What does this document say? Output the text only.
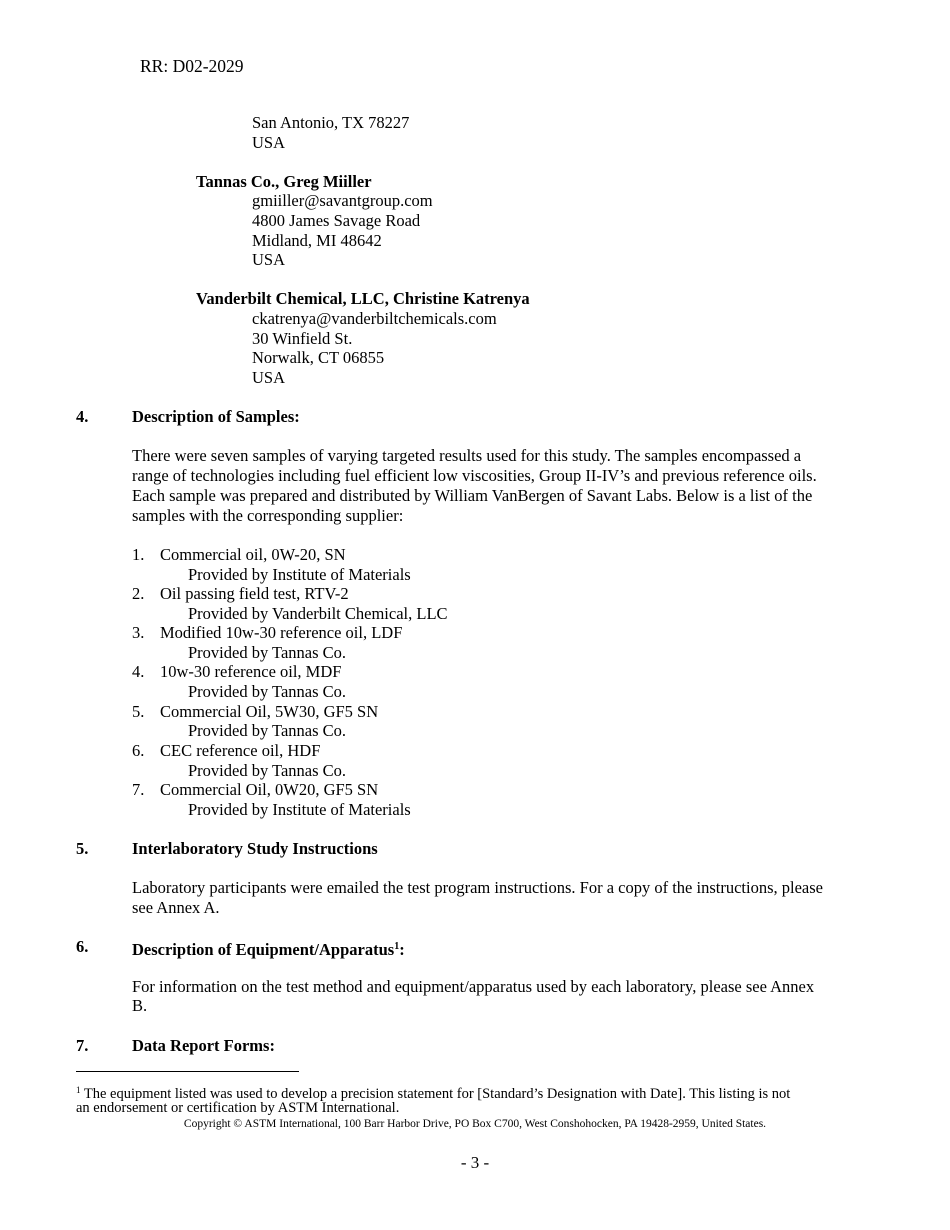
RR: D02-2029
San Antonio, TX 78227
USA
Tannas Co., Greg Miiller
gmiiller@savantgroup.com
4800 James Savage Road
Midland, MI 48642
USA
Vanderbilt Chemical, LLC, Christine Katrenya
ckatrenya@vanderbiltchemicals.com
30 Winfield St.
Norwalk, CT 06855
USA
4.	Description of Samples:
There were seven samples of varying targeted results used for this study. The samples encompassed a
range of technologies including fuel efficient low viscosities, Group II-IV’s and previous reference oils.
Each sample was prepared and distributed by William VanBergen of Savant Labs. Below is a list of the
samples with the corresponding supplier:
1. Commercial oil, 0W-20, SN
Provided by Institute of Materials
2. Oil passing field test, RTV-2
Provided by Vanderbilt Chemical, LLC
3. Modified 10w-30 reference oil, LDF
Provided by Tannas Co.
4. 10w-30 reference oil, MDF
Provided by Tannas Co.
5. Commercial Oil, 5W30, GF5 SN
Provided by Tannas Co.
6. CEC reference oil, HDF
Provided by Tannas Co.
7. Commercial Oil, 0W20, GF5 SN
Provided by Institute of Materials
5.	Interlaboratory Study Instructions
Laboratory participants were emailed the test program instructions. For a copy of the instructions, please
see Annex A.
6.	Description of Equipment/Apparatus$^1$:
For information on the test method and equipment/apparatus used by each laboratory, please see Annex
B.
7.	Data Report Forms:
$^1$ The equipment listed was used to develop a precision statement for [Standard’s Designation with Date]. This listing is not
an endorsement or certification by ASTM International.
Copyright © ASTM International, 100 Barr Harbor Drive, PO Box C700, West Conshohocken, PA 19428-2959, United States.
- 3 -
